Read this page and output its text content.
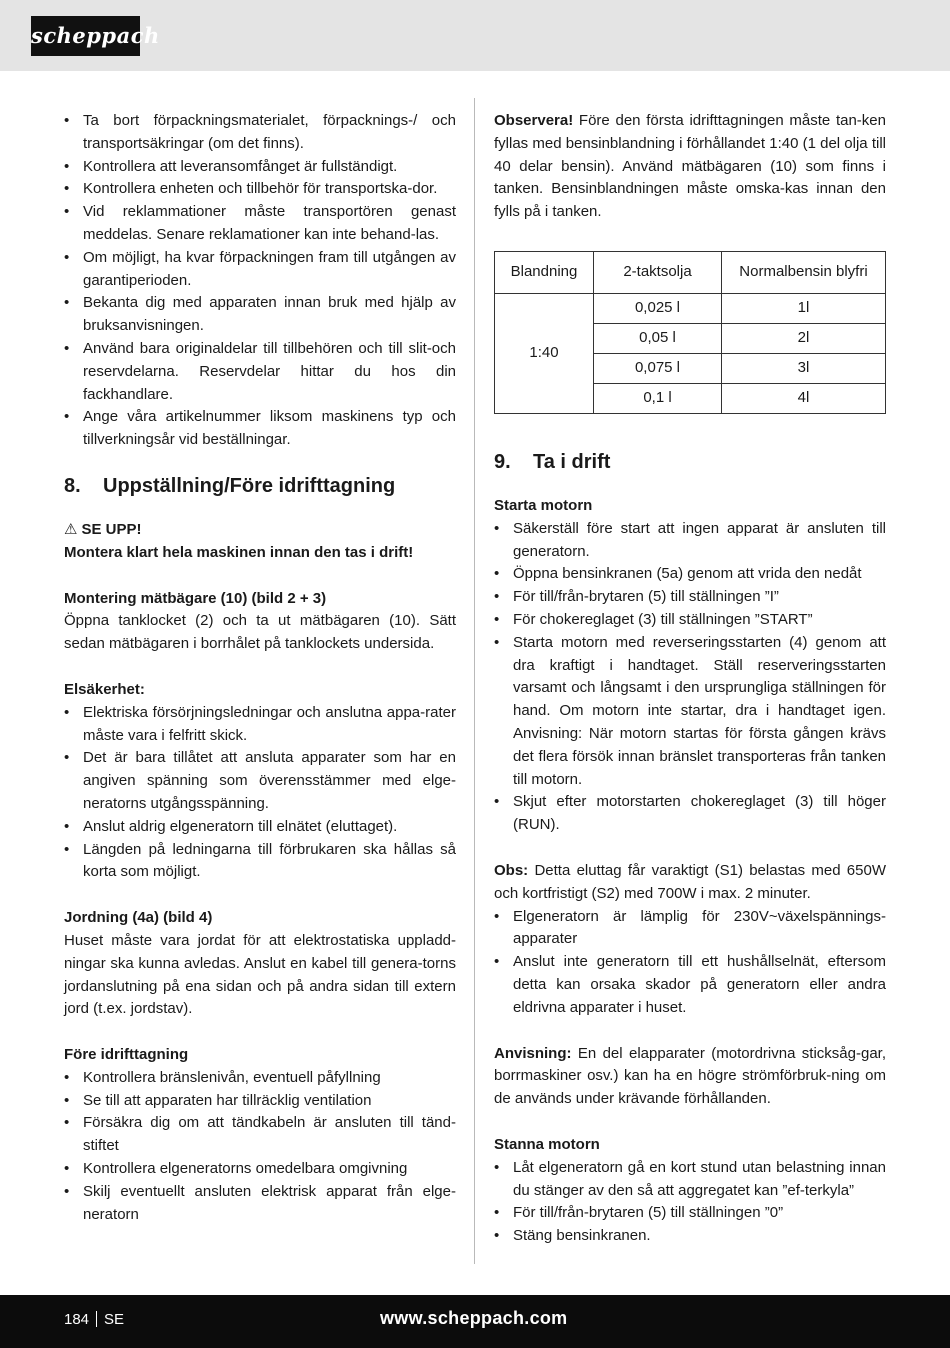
scheppach
• Ta bort förpackningsmaterialet, förpacknings-/ och transportsäkringar (om det finns).
• Kontrollera att leveransomfånget är fullständigt.
• Kontrollera enheten och tillbehör för transportska-dor.
• Vid reklammationer måste transportören genast meddelas. Senare reklamationer kan inte behand-las.
• Om möjligt, ha kvar förpackningen fram till utgången av garantiperioden.
• Bekanta dig med apparaten innan bruk med hjälp av bruksanvisningen.
• Använd bara originaldelar till tillbehören och till slit-och reservdelarna. Reservdelar hittar du hos din fackhandlare.
• Ange våra artikelnummer liksom maskinens typ och tillverkningsår vid beställningar.
8. Uppställning/Före idrifttagning
⚠ SE UPP!
Montera klart hela maskinen innan den tas i drift!
Montering mätbägare (10) (bild 2 + 3)

Öppna tanklocket (2) och ta ut mätbägaren (10). Sätt sedan mätbägaren i borrhålet på tanklockets undersida.

Elsäkerhet:
• Elektriska försörjningsledningar och anslutna appa-rater måste vara i felfritt skick.
• Det är bara tillåtet att ansluta apparater som har en angiven spänning som överensstämmer med elge-neratorns utgångsspänning.
• Anslut aldrig elgeneratorn till elnätet (eluttaget).
• Längden på ledningarna till förbrukaren ska hållas så korta som möjligt.
Jordning (4a) (bild 4)

Huset måste vara jordat för att elektrostatiska uppladd-ningar ska kunna avledas. Anslut en kabel till genera-torns jordanslutning på ena sidan och på andra sidan till extern jord (t.ex. jordstav).

Före idrifttagning
• Kontrollera bränslenivån, eventuell påfyllning
• Se till att apparaten har tillräcklig ventilation
• Försäkra dig om att tändkabeln är ansluten till tänd-stiftet
• Kontrollera elgeneratorns omedelbara omgivning
• Skilj eventuellt ansluten elektrisk apparat från elge-neratorn

Observera! Före den första idrifttagningen måste tan-ken fyllas med bensinblandning i förhållandet 1:40 (1 del olja till 40 delar bensin). Använd mätbägaren (10) som finns i tanken. Bensinblandningen måste omska-kas innan den fylls på i tanken.

Blandning	2-taktsolja	Normalbensin blyfri
1:40	0,025 l	1l
	0,05 l	2l
	0,075 l	3l
	0,1 l	4l
9. Ta i drift
Starta motorn
• Säkerställ före start att ingen apparat är ansluten till generatorn.
• Öppna bensinkranen (5a) genom att vrida den nedåt
• För till/från-brytaren (5) till ställningen ”I”
• För chokereglaget (3) till ställningen ”START”
• Starta motorn med reverseringsstarten (4) genom att dra kraftigt i handtaget. Ställ reserveringsstarten varsamt och långsamt i den ursprungliga ställningen för hand. Om motorn inte startar, dra i handtaget igen. Anvisning: När motorn startas för första gången krävs det flera försök innan bränslet transporteras från tanken till motorn.
• Skjut efter motorstarten chokereglaget (3) till höger (RUN).

Obs: Detta eluttag får varaktigt (S1) belastas med 650W och kortfristigt (S2) med 700W i max. 2 minuter.

• Elgeneratorn är lämplig för 230V~växelspännings-apparater
• Anslut inte generatorn till ett hushållselnät, eftersom detta kan orsaka skador på generatorn eller andra eldrivna apparater i huset.

Anvisning: En del elapparater (motordrivna sticksåg-gar, borrmaskiner osv.) kan ha en högre strömförbruk-ning om de används under krävande förhållanden.

Stanna motorn
• Låt elgeneratorn gå en kort stund utan belastning innan du stänger av den så att aggregatet kan ”ef-terkyla”
• För till/från-brytaren (5) till ställningen ”0”
• Stäng bensinkranen.
184 SE	www.scheppach.com
